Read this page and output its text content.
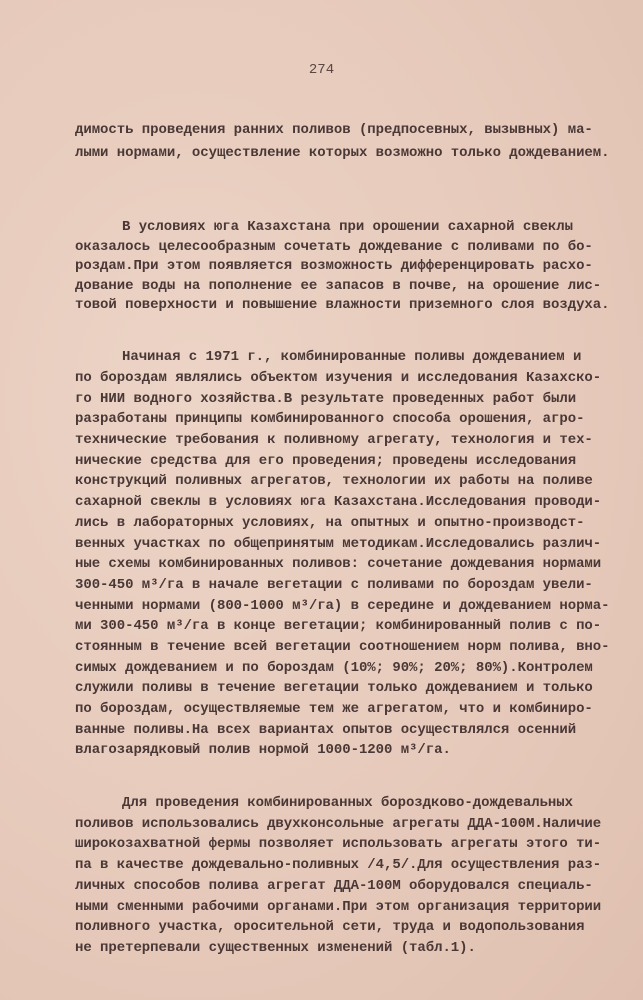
274

димость проведения ранних поливов (предпосевных, вызывных) ма-
лыми нормами, осуществление которых возможно только дождеванием.

В условиях юга Казахстана при орошении сахарной свеклы
оказалось целесообразным сочетать дождевание с поливами по бо-
роздам.При этом появляется возможность дифференцировать расхо-
дование воды на пополнение ее запасов в почве, на орошение лис-
товой поверхности и повышение влажности приземного слоя воздуха.

Начиная с 1971 г., комбинированные поливы дождеванием и
по бороздам являлись объектом изучения и исследования Казахско-
го НИИ водного хозяйства.В результате проведенных работ были
разработаны принципы комбинированного способа орошения, агро-
технические требования к поливному агрегату, технология и тех-
нические средства для его проведения; проведены исследования
конструкций поливных агрегатов, технологии их работы на поливе
сахарной свеклы в условиях юга Казахстана.Исследования проводи-
лись в лабораторных условиях, на опытных и опытно-производст-
венных участках по общепринятым методикам.Исследовались различ-
ные схемы комбинированных поливов: сочетание дождевания нормами
300-450 м³/га в начале вегетации с поливами по бороздам увели-
ченными нормами (800-1000 м³/га) в середине и дождеванием норма-
ми 300-450 м³/га в конце вегетации; комбинированный полив с по-
стоянным в течение всей вегетации соотношением норм полива, вно-
симых дождеванием и по бороздам (10%; 90%; 20%; 80%).Контролем
служили поливы в течение вегетации только дождеванием и только
по бороздам, осуществляемые тем же агрегатом, что и комбиниро-
ванные поливы.На всех вариантах опытов осуществлялся осенний
влагозарядковый полив нормой 1000-1200 м³/га.

Для проведения комбинированных бороздково-дождевальных
поливов использовались двухконсольные агрегаты ДДА-100М.Наличие
широкозахватной фермы позволяет использовать агрегаты этого ти-
па в качестве дождевально-поливных /4,5/.Для осуществления раз-
личных способов полива агрегат ДДА-100М оборудовался специаль-
ными сменными рабочими органами.При этом организация территории
поливного участка, оросительной сети, труда и водопользования
не претерпевали существенных изменений (табл.1).
